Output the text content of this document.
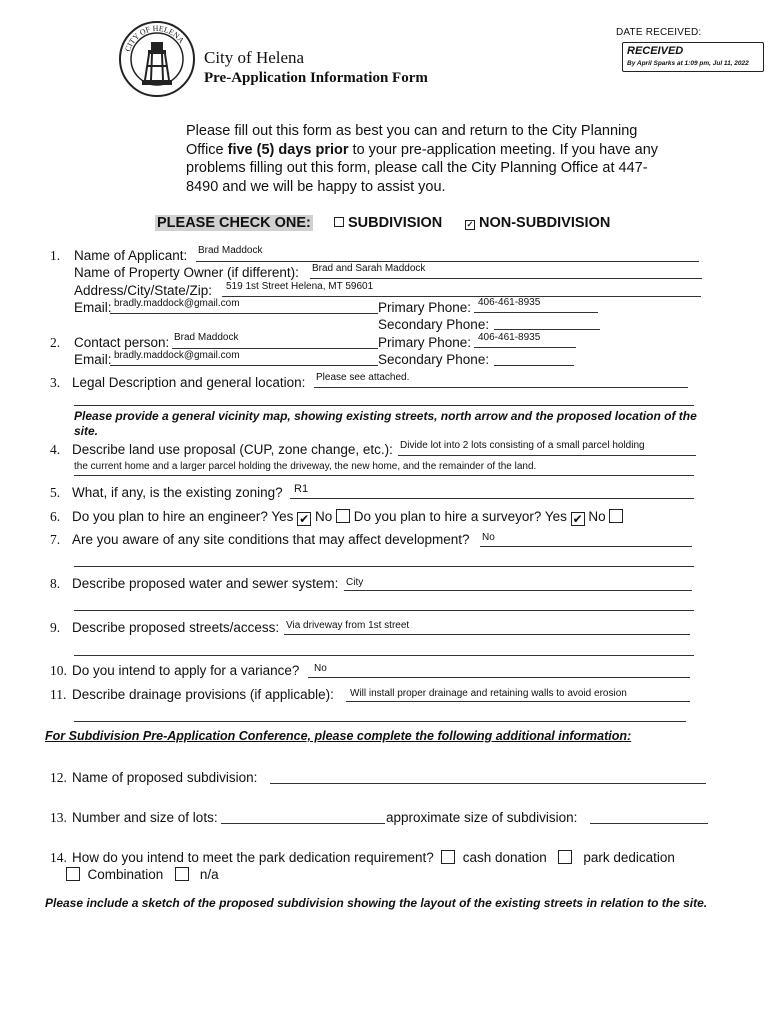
CITY OF HELENA
City of Helena
Pre-Application Information Form
DATE RECEIVED:
RECEIVED
By April Sparks at 1:09 pm, Jul 11, 2022
Please fill out this form as best you can and return to the City Planning Office five (5) days prior to your pre-application meeting. If you have any problems filling out this form, please call the City Planning Office at 447-8490 and we will be happy to assist you.
PLEASE CHECK ONE:	SUBDIVISION	✓ NON-SUBDIVISION
1. Name of Applicant: Brad Maddock
Name of Property Owner (if different): Brad and Sarah Maddock
Address/City/State/Zip: 519 1st Street Helena, MT 59601
Email: bradly.maddock@gmail.com	Primary Phone: 406-461-8935
Secondary Phone:
2. Contact person: Brad Maddock	Primary Phone: 406-461-8935
Email: bradly.maddock@gmail.com	Secondary Phone:
3. Legal Description and general location: Please see attached.
Please provide a general vicinity map, showing existing streets, north arrow and the proposed location of the site.
4. Describe land use proposal (CUP, zone change, etc.): Divide lot into 2 lots consisting of a small parcel holding
the current home and a larger parcel holding the driveway, the new home, and the remainder of the land.
5. What, if any, is the existing zoning? R1
6. Do you plan to hire an engineer? Yes ✔ No Do you plan to hire a surveyor? Yes ✔ No
7. Are you aware of any site conditions that may affect development? No
8. Describe proposed water and sewer system: City
9. Describe proposed streets/access: Via driveway from 1st street
10. Do you intend to apply for a variance? No
11. Describe drainage provisions (if applicable): Will install proper drainage and retaining walls to avoid erosion
For Subdivision Pre-Application Conference, please complete the following additional information:
12. Name of proposed subdivision:
13. Number and size of lots:	approximate size of subdivision:
14. How do you intend to meet the park dedication requirement? cash donation	park dedication
Combination	n/a
Please include a sketch of the proposed subdivision showing the layout of the existing streets in relation to the site.
